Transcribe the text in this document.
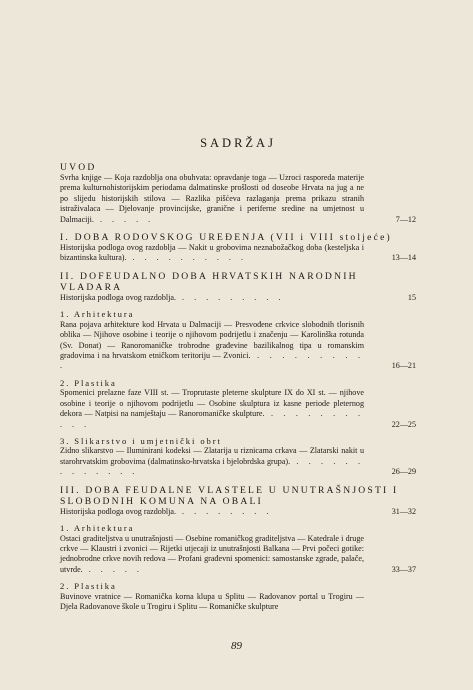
SADRŽAJ
UVOD
Svrha knjige — Koja razdoblja ona obuhvata: opravdanje toga — Uzroci rasporeda materije prema kulturnohistorijskim periodama dalmatinske prošlosti od doseobe Hrvata na jug a ne po slijedu historijskih stilova — Razlika pišćeva razlaganja prema prikazu stranih istraživalaca — Djelovanje provincijske, granične i periferne sredine na umjetnost u Dalmaciji. . . . . .	7—12
I. DOBA RODOVSKOG UREĐENJA (VII i VIII stoljeće)
Historijska podloga ovog razdoblja — Nakit u grobovima neznabožačkog doba (kesteljska i bizantinska kultura). . . . . . . . . . .	13—14
II. DOFEUDALNO DOBA HRVATSKIH NARODNIH VLADARA
Historijska podloga ovog razdoblja. . . . . . . . . .	15
1. Arhitektura
Rana pojava arhitekture kod Hrvata u Dalmaciji — Presvođene crkvice slobodnih tlorisnih oblika — Njihove osobine i teorije o njihovom podrijetlu i značenju — Karolinška rotunda (Sv. Donat) — Ranoromaničke trobrodne građevine bazilikalnog tipa u romanskim gradovima i na hrvatskom etničkom teritoriju — Zvonici. . . . . . . . . . .	16—21
2. Plastika
Spomenici prelazne faze VIII st. — Troprutaste pleterne skulpture IX do XI st. — njihove osobine i teorije o njihovom podrijetlu — Osobine skulptura iz kasne periode pleternog dekora — Natpisi na namještaju — Ranoromaničke skulpture. . . . . . . . . . . .	22—25
3. Slikarstvo i umjetnički obrt
Zidno slikarstvo — Iluminirani kodeksi — Zlatarija u riznicama crkava — Zlatarski nakit u starohrvatskim grobovima (dalmatinsko-hrvatska i bjelobrdska grupa). . . . . . . . . . . . . .	26—29
III. DOBA FEUDALNE VLASTELE U UNUTRAŠNJOSTI I SLOBODNIH KOMUNA NA OBALI
Historijska podloga ovog razdoblja. . . . . . . . .	31—32
1. Arhitektura
Ostaci graditeljstva u unutrašnjosti — Osebine romaničkog graditeljstva — Katedrale i druge crkve — Klaustri i zvonici — Rijetki utjecaji iz unutrašnjosti Balkana — Prvi počeci gotike: jednobrodne crkve novih redova — Profani građevni spomenici: samostanske zgrade, palače, utvrde. . . . . .	33—37
2. Plastika
Buvinove vratnice — Romanička korna klupa u Splitu — Radovanov portal u Trogiru — Djela Radovanove škole u Trogiru i Splitu — Romaničke skulpture
89
